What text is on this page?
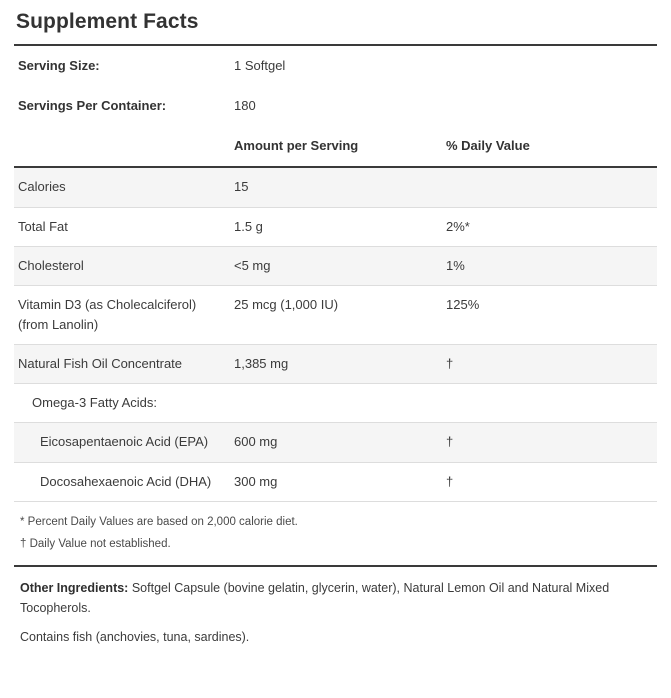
Supplement Facts
Serving Size:	1 Softgel	
Servings Per Container:	180	
	Amount per Serving	% Daily Value
Calories	15	
Total Fat	1.5 g	2%*
Cholesterol	<5 mg	1%
Vitamin D3 (as Cholecalciferol) (from Lanolin)	25 mcg (1,000 IU)	125%
Natural Fish Oil Concentrate	1,385 mg	†
Omega-3 Fatty Acids:		
Eicosapentaenoic Acid (EPA)	600 mg	†
Docosahexaenoic Acid (DHA)	300 mg	†
* Percent Daily Values are based on 2,000 calorie diet.
† Daily Value not established.
Other Ingredients: Softgel Capsule (bovine gelatin, glycerin, water), Natural Lemon Oil and Natural Mixed Tocopherols.
Contains fish (anchovies, tuna, sardines).
